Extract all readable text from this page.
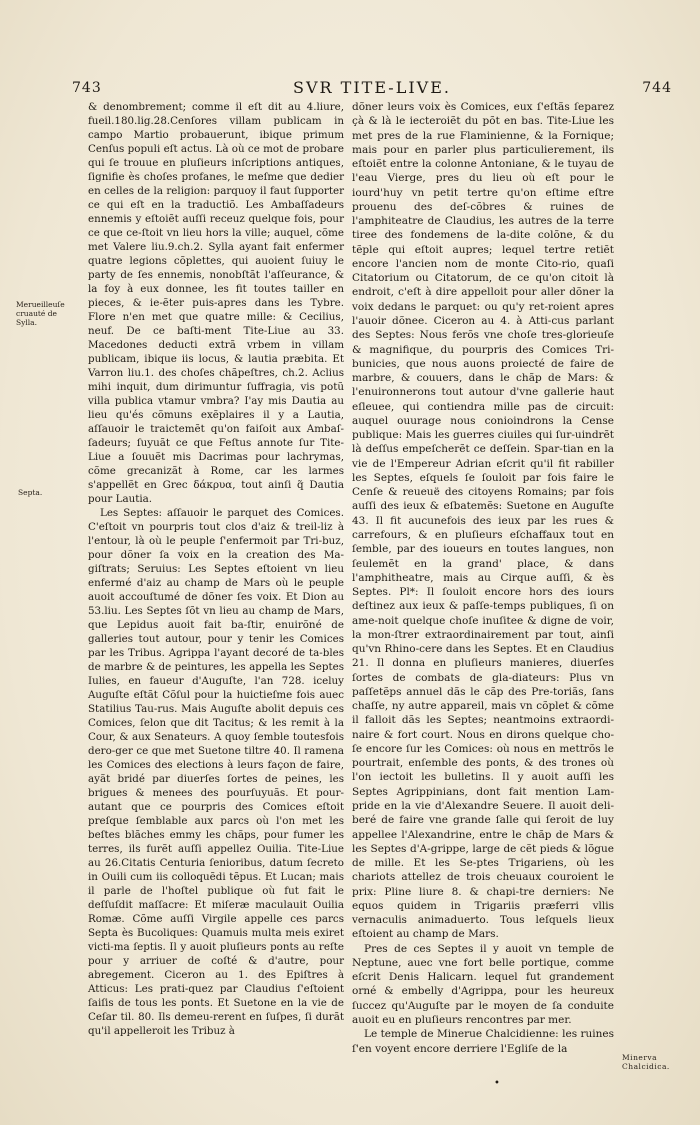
743	SVR TITE-LIVE.	744
Merueilleuſe cruauté de Sylla.
Septa.
Minerva Chalcidica.

& denombrement; comme il eſt dit au 4.liure, fueil.180.lig.28.Cenſores villam publicam in campo Martio probauerunt, ibique primum Cenſus populi eſt actus. Là où ce mot de probare qui ſe trouue en pluſieurs inſcriptions antiques, ſignifie ès choſes profanes, le meſme que dedier en celles de la religion: parquoy il faut ſupporter ce qui eſt en la traductiõ. Les Ambaſſadeurs ennemis y eſtoiẽt auſſi receuz quelque fois, pour ce que ce-ſtoit vn lieu hors la ville; auquel, cõme met Valere liu.9.ch.2. Sylla ayant fait enfermer quatre legions cõplettes, qui auoient ſuiuy le party de ſes ennemis, nonobſtãt l'aſſeurance, & la foy à eux donnee, les fit toutes tailler en pieces, & ie-ẽter puis-apres dans les Tybre. Flore n'en met que quatre mille: & Cecilius, neuf. De ce baſti-ment Tite-Liue au 33. Macedones deducti extrã vrbem in villam publicam, ibique iis locus, & lautia præbita. Et Varron liu.1. des choſes chãpeſtres, ch.2. Aclius mihi inquit, dum dirimuntur ſuffragia, vis potũ villa publica vtamur vmbra? I'ay mis Dautia au lieu qu'és cõmuns exẽplaires il y a Lautia, aſſauoir le traictemẽt qu'on faiſoit aux Ambaſ-ſadeurs; ſuyuãt ce que Feſtus annote ſur Tite-Liue a ſouuẽt mis Dacrimas pour lachrymas, cõme grecanizãt à Rome, car les larmes s'appellẽt en Grec δάκρυα, tout ainſi q̃ Dautia pour Lautia.

Les Septes: aſſauoir le parquet des Comices. C'eſtoit vn pourpris tout clos d'aiz & treil-liz à l'entour, là où le peuple ſ'enfermoit par Tri-buz, pour dõner ſa voix en la creation des Ma-giſtrats; Seruius: Les Septes eſtoient vn lieu enfermé d'aiz au champ de Mars où le peuple auoit accouſtumé de dõner ſes voix. Et Dion au 53.liu. Les Septes ſõt vn lieu au champ de Mars, que Lepidus auoit fait ba-ſtir, enuirõné de galleries tout autour, pour y tenir les Comices par les Tribus. Agrippa l'ayant decoré de ta-bles de marbre & de peintures, les appella les Septes Iulies, en faueur d'Auguſte, l'an 728. iceluy Auguſte eſtãt Cõſul pour la huictieſme fois auec Statilius Tau-rus. Mais Auguſte abolit depuis ces Comices, ſelon que dit Tacitus; & les remit à la Cour, & aux Senateurs. A quoy ſemble toutesfois dero-ger ce que met Suetone tiltre 40. Il ramena les Comices des elections à leurs façon de faire, ayãt bridé par diuerſes ſortes de peines, les brigues & menees des pourſuyuãs. Et pour-autant que ce pourpris des Comices eſtoit preſque ſemblable aux parcs où l'on met les beſtes blãches emmy les chãps, pour fumer les terres, ils furẽt auſſi appellez Ouilia. Tite-Liue au 26.Citatis Centuria ſenioribus, datum ſecreto in Ouili cum iis colloquẽdi tẽpus. Et Lucan; mais il parle de l'hoſtel publique où fut fait le deſſuſdit maſſacre: Et miſeræ maculauit Ouilia Romæ. Cõme auſſi Virgile appelle ces parcs Septa ès Bucoliques: Quamuis multa meis exiret victi-ma ſeptis. Il y auoit pluſieurs ponts au reſte pour y arriuer de coſté & d'autre, pour abregement. Ciceron au 1. des Epiſtres à Atticus: Les prati-quez par Claudius ſ'eſtoient ſaiſis de tous les ponts. Et Suetone en la vie de Ceſar til. 80. Ils demeu-rerent en ſuſpes, ſi durãt qu'il appelleroit les Tribuz à

dõner leurs voix ès Comices, eux ſ'eſtãs ſeparez çà & là le iecteroiẽt du põt en bas. Tite-Liue les met pres de la rue Flaminienne, & la Fornique; mais pour en parler plus particulierement, ils eſtoiẽt entre la colonne Antoniane, & le tuyau de l'eau Vierge, pres du lieu où eſt pour le iourd'huy vn petit tertre qu'on eſtime eſtre prouenu des deſ-cõbres & ruines de l'amphiteatre de Claudius, les autres de la terre tiree des fondemens de la-dite colõne, & du tẽple qui eſtoit aupres; lequel tertre retiẽt encore l'ancien nom de monte Cito-rio, quaſi Citatorium ou Citatorum, de ce qu'on citoit là endroit, c'eſt à dire appelloit pour aller dõner la voix dedans le parquet: ou qu'y ret-roient apres l'auoir dõnee. Ciceron au 4. à Atti-cus parlant des Septes: Nous ferõs vne choſe tres-glorieuſe & magnifique, du pourpris des Comices Tri-bunicies, que nous auons proiecté de faire de marbre, & couuers, dans le chãp de Mars: & l'enuironnerons tout autour d'vne gallerie haut eſleuee, qui contiendra mille pas de circuit: auquel ouurage nous conioindrons la Cense publique: Mais les guerres ciuiles qui ſur-uindrẽt là deſſus empeſcherẽt ce deſſein. Spar-tian en la vie de l'Empereur Adrian eſcrit qu'il fit rabiller les Septes, eſquels ſe ſouloit par fois faire le Cenſe & reueuë des citoyens Romains; par fois auſſi des ieux & eſbatemẽs: Suetone en Auguſte 43. Il fit aucunefois des ieux par les rues & carrefours, & en pluſieurs eſchaffaux tout en ſemble, par des ioueurs en toutes langues, non ſeulemẽt en la grand' place, & dans l'amphitheatre, mais au Cirque auſſi, & ès Septes. Pl*: Il ſouloit encore hors des iours deſtinez aux ieux & paſſe-temps publiques, ſi on ame-noit quelque choſe inuſitee & digne de voir, la mon-ſtrer extraordinairement par tout, ainſi qu'vn Rhino-cere dans les Septes. Et en Claudius 21. Il donna en pluſieurs manieres, diuerſes ſortes de combats de gla-diateurs: Plus vn paſſetẽps annuel dãs le cãp des Pre-toriãs, ſans chaſſe, ny autre appareil, mais vn cõplet & cõme il falloit dãs les Septes; neantmoins extraordi-naire & fort court. Nous en dirons quelque cho-ſe encore ſur les Comices: où nous en mettrõs le pourtrait, enſemble des ponts, & des trones où l'on iectoit les bulletins. Il y auoit auſſi les Septes Agrippinians, dont fait mention Lam-pride en la vie d'Alexandre Seuere. Il auoit deli-beré de faire vne grande ſalle qui ſeroit de luy appellee l'Alexandrine, entre le chãp de Mars & les Septes d'A-grippe, large de cẽt pieds & lõgue de mille. Et les Se-ptes Trigariens, où les chariots attellez de trois cheuaux couroient le prix: Pline liure 8. & chapi-tre derniers: Ne equos quidem in Trigariis præferri vllis vernaculis animaduerto. Tous leſquels lieux eſtoient au champ de Mars.

Pres de ces Septes il y auoit vn temple de Neptune, auec vne fort belle portique, comme eſcrit Denis Halicarn. lequel fut grandement orné & embelly d'Agrippa, pour les heureux ſuccez qu'Auguſte par le moyen de ſa conduite auoit eu en pluſieurs rencontres par mer.

Le temple de Minerue Chalcidienne: les ruines ſ'en voyent encore derriere l'Egliſe de la

•
